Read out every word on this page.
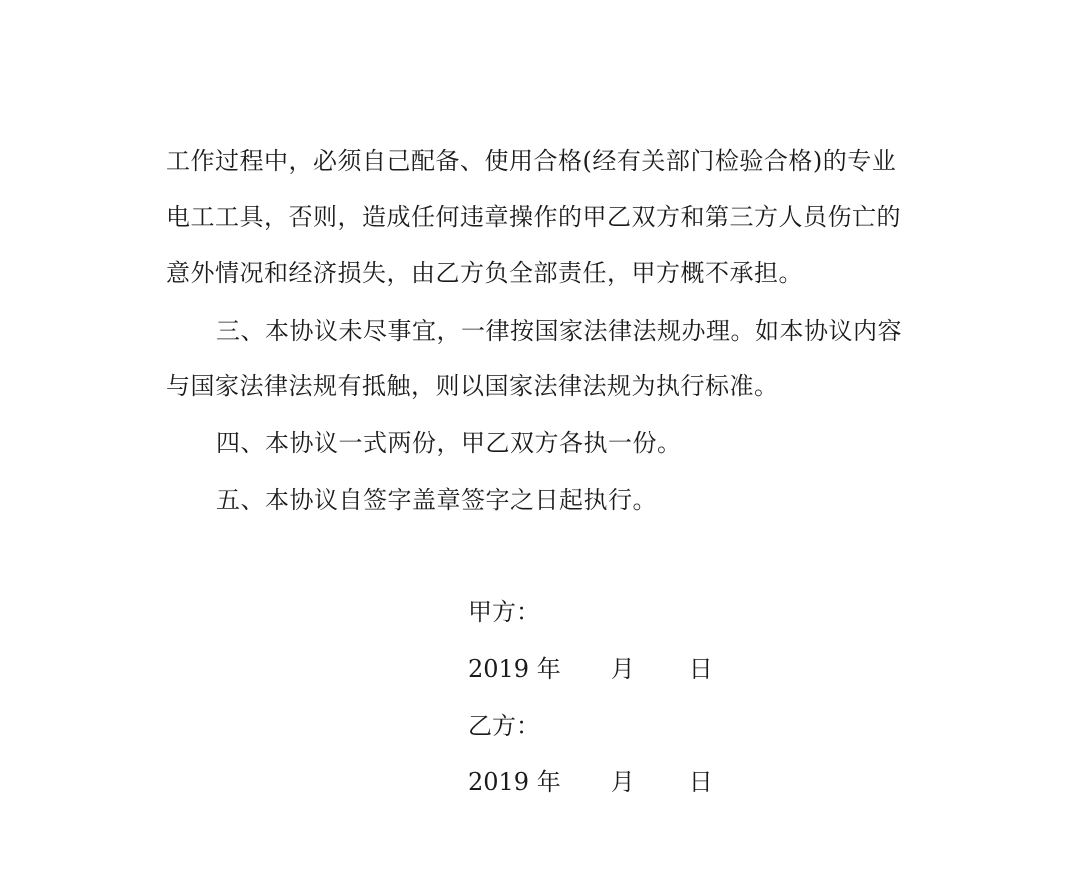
工作过程中，必须自己配备、使用合格(经有关部门检验合格)的专业
电工工具，否则，造成任何违章操作的甲乙双方和第三方人员伤亡的
意外情况和经济损失，由乙方负全部责任，甲方概不承担。
三、本协议未尽事宜，一律按国家法律法规办理。如本协议内容
与国家法律法规有抵触，则以国家法律法规为执行标准。
四、本协议一式两份，甲乙双方各执一份。
五、本协议自签字盖章签字之日起执行。
甲方：
2019 年 月 日
乙方：
2019 年 月 日
